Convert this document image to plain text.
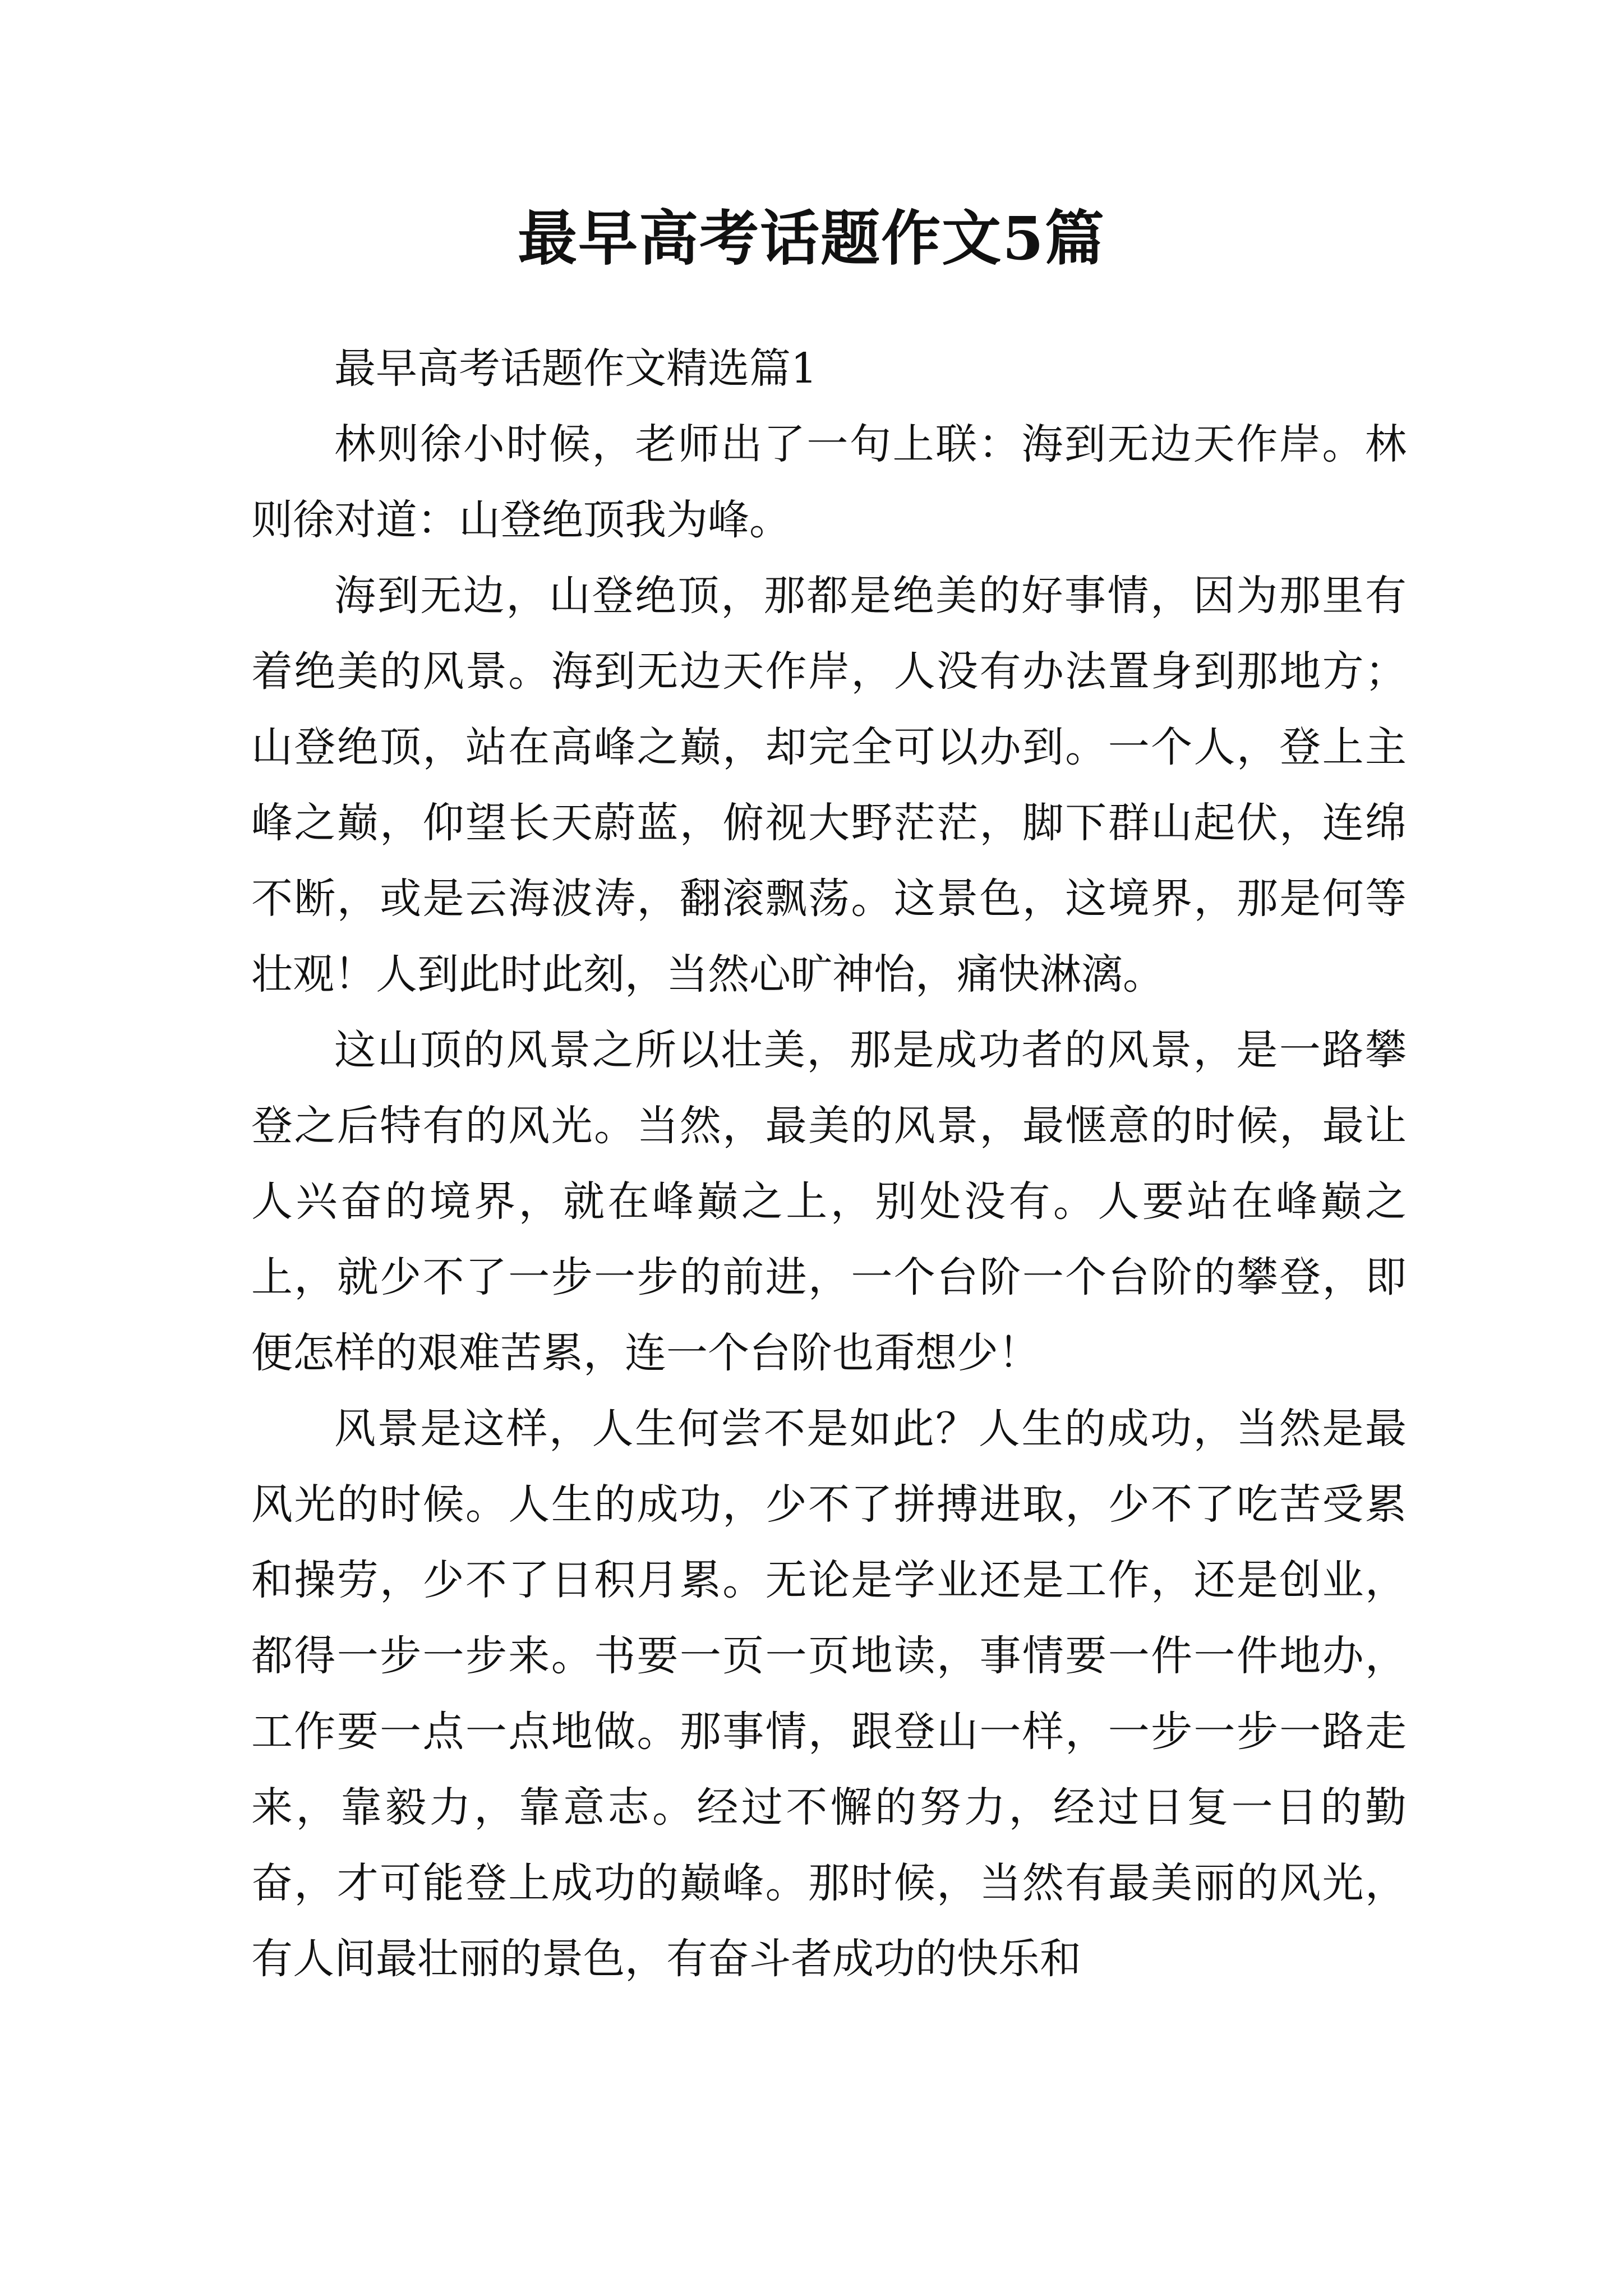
最早高考话题作文5篇

最早高考话题作文精选篇1

林则徐小时候，老师出了一句上联：海到无边天作岸。林则徐对道：山登绝顶我为峰。

海到无边，山登绝顶，那都是绝美的好事情，因为那里有着绝美的风景。海到无边天作岸，人没有办法置身到那地方；山登绝顶，站在高峰之巅，却完全可以办到。一个人，登上主峰之巅，仰望长天蔚蓝，俯视大野茫茫，脚下群山起伏，连绵不断，或是云海波涛，翻滚飘荡。这景色，这境界，那是何等壮观！人到此时此刻，当然心旷神怡，痛快淋漓。

这山顶的风景之所以壮美，那是成功者的风景，是一路攀登之后特有的风光。当然，最美的风景，最惬意的时候，最让人兴奋的境界，就在峰巅之上，别处没有。人要站在峰巅之上，就少不了一步一步的前进，一个台阶一个台阶的攀登，即便怎样的艰难苦累，连一个台阶也甭想少！

风景是这样，人生何尝不是如此？人生的成功，当然是最风光的时候。人生的成功，少不了拼搏进取，少不了吃苦受累和操劳，少不了日积月累。无论是学业还是工作，还是创业，都得一步一步来。书要一页一页地读，事情要一件一件地办，工作要一点一点地做。那事情，跟登山一样，一步一步一路走来，靠毅力，靠意志。经过不懈的努力，经过日复一日的勤奋，才可能登上成功的巅峰。那时候，当然有最美丽的风光，有人间最壮丽的景色，有奋斗者成功的快乐和
